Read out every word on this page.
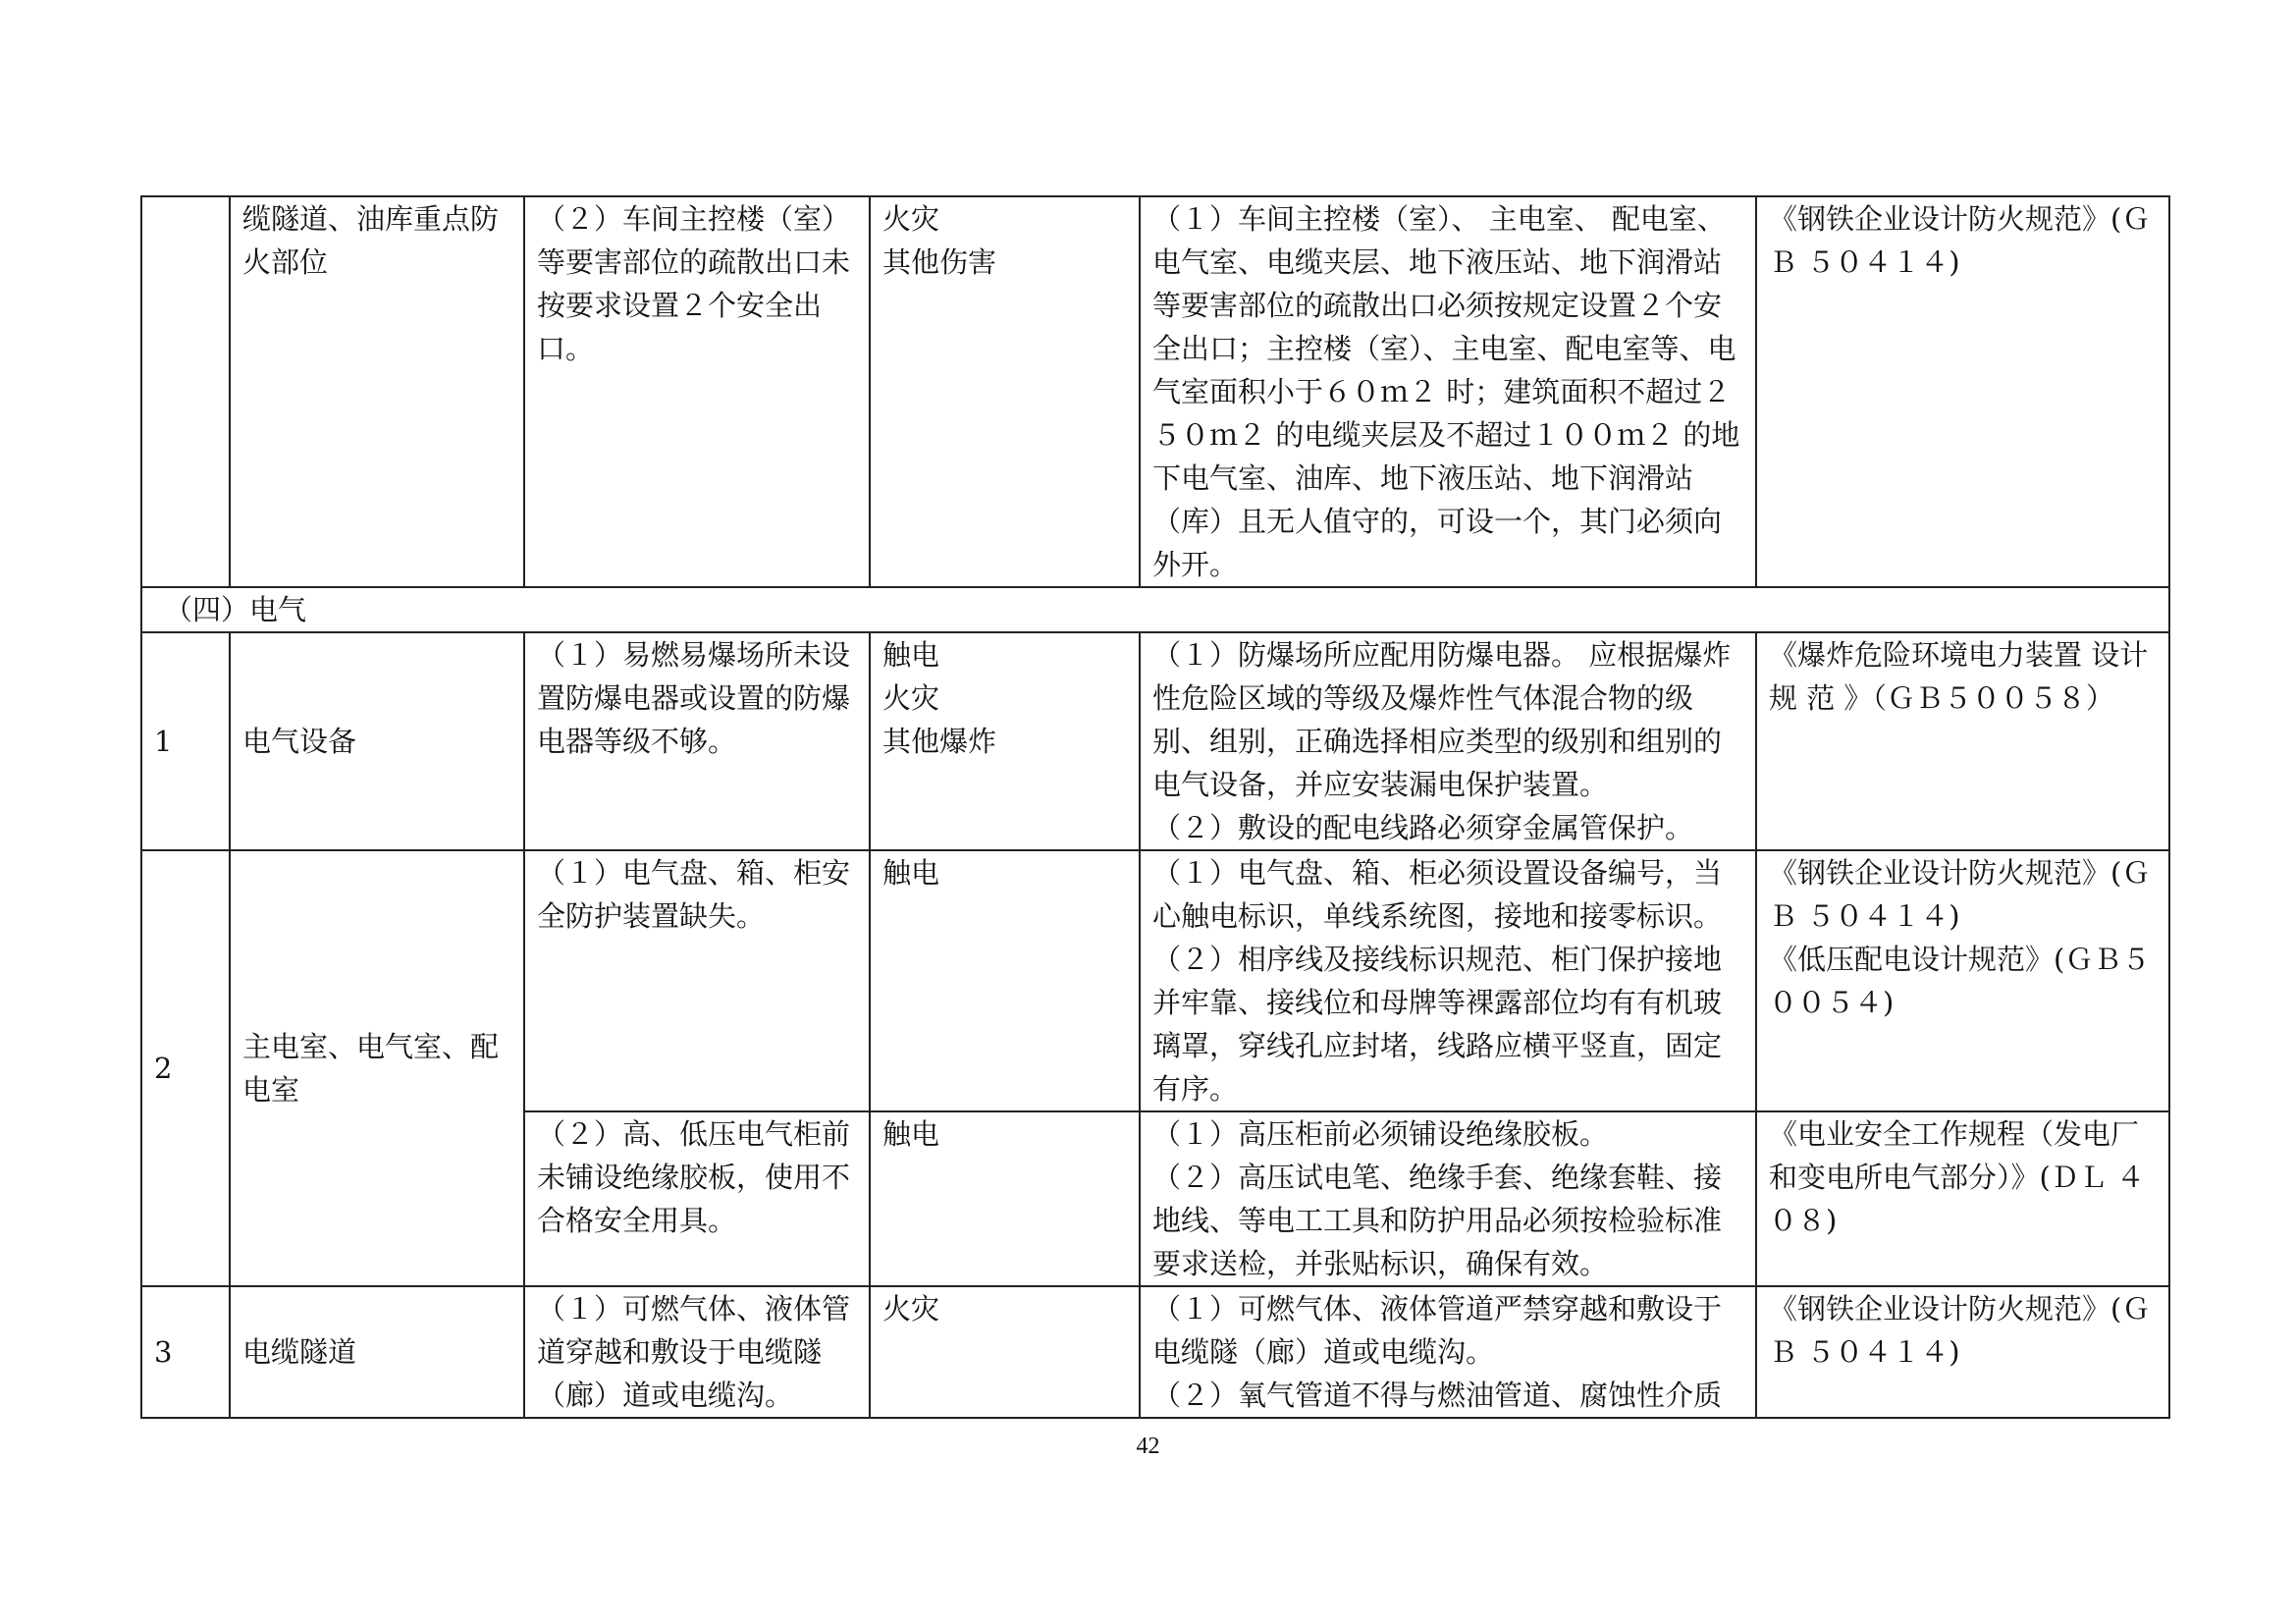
	缆隧道、油库重点防火部位	（２）车间主控楼（室）等要害部位的疏散出口未按要求设置２个安全出口。	火灾
其他伤害	（１）车间主控楼（室）、 主电室、 配电室、电气室、电缆夹层、地下液压站、地下润滑站等要害部位的疏散出口必须按规定设置２个安全出口；主控楼（室）、主电室、配电室等、电气室面积小于６０ｍ２ 时；建筑面积不超过２５０ｍ２ 的电缆夹层及不超过１００ｍ２ 的地下电气室、油库、地下液压站、地下润滑站（库）且无人值守的，可设一个，其门必须向外开。	《钢铁企业设计防火规范》(ＧＢ ５０４１４)

（四）电气					

1	电气设备	（１）易燃易爆场所未设置防爆电器或设置的防爆电器等级不够。	触电
火灾
其他爆炸	（１）防爆场所应配用防爆电器。 应根据爆炸性危险区域的等级及爆炸性气体混合物的级别、组别，正确选择相应类型的级别和组别的电气设备，并应安装漏电保护装置。
（２）敷设的配电线路必须穿金属管保护。	《爆炸危险环境电力装置 设计 规 范 》（ＧＢ５００５８）

2	主电室、电气室、配电室	（１）电气盘、箱、柜安全防护装置缺失。	触电	（１）电气盘、箱、柜必须设置设备编号，当心触电标识，单线系统图，接地和接零标识。
（２）相序线及接线标识规范、柜门保护接地并牢靠、接线位和母牌等裸露部位均有有机玻璃罩，穿线孔应封堵，线路应横平竖直，固定有序。	《钢铁企业设计防火规范》(ＧＢ ５０４１４)
《低压配电设计规范》(ＧＢ５００５４)

		（２）高、低压电气柜前未铺设绝缘胶板，使用不合格安全用具。	触电	（１）高压柜前必须铺设绝缘胶板。
（２）高压试电笔、绝缘手套、绝缘套鞋、接地线、等电工工具和防护用品必须按检验标准要求送检，并张贴标识，确保有效。	《电业安全工作规程（发电厂和变电所电气部分）》(ＤＬ ４０８)

3	电缆隧道	（１）可燃气体、液体管道穿越和敷设于电缆隧（廊）道或电缆沟。	火灾	（１）可燃气体、液体管道严禁穿越和敷设于电缆隧（廊）道或电缆沟。
（２）氧气管道不得与燃油管道、腐蚀性介质	《钢铁企业设计防火规范》(ＧＢ ５０４１４)
42
